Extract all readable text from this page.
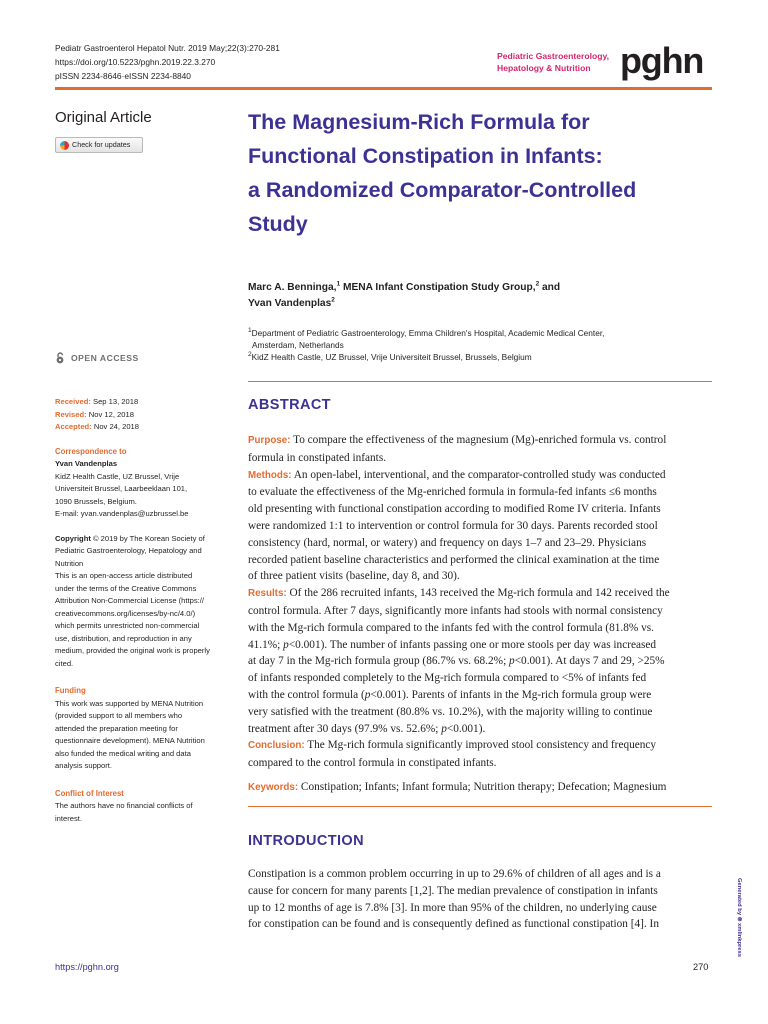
Pediatr Gastroenterol Hepatol Nutr. 2019 May;22(3):270-281
https://doi.org/10.5223/pghn.2019.22.3.270
pISSN 2234-8646·eISSN 2234-8840
Pediatric Gastroenterology,
Hepatology & Nutrition pghn
Original Article
Check for updates
The Magnesium-Rich Formula for
Functional Constipation in Infants:
a Randomized Comparator-Controlled
Study
Marc A. Benninga,$^1$ MENA Infant Constipation Study Group,$^2$ and
Yvan Vandenplas$^2$
$^1$Department of Pediatric Gastroenterology, Emma Children's Hospital, Academic Medical Center,
Amsterdam, Netherlands
$^2$KidZ Health Castle, UZ Brussel, Vrije Universiteit Brussel, Brussels, Belgium
OPEN ACCESS
Received: Sep 13, 2018
Revised: Nov 12, 2018
Accepted: Nov 24, 2018
Correspondence to
Yvan Vandenplas
KidZ Health Castle, UZ Brussel, Vrije
Universiteit Brussel, Laarbeeklaan 101,
1090 Brussels, Belgium.
E-mail: yvan.vandenplas@uzbrussel.be
Copyright © 2019 by The Korean Society of
Pediatric Gastroenterology, Hepatology and
Nutrition
This is an open-access article distributed
under the terms of the Creative Commons
Attribution Non-Commercial License (https://
creativecommons.org/licenses/by-nc/4.0/)
which permits unrestricted non-commercial
use, distribution, and reproduction in any
medium, provided the original work is properly
cited.
Funding
This work was supported by MENA Nutrition
(provided support to all members who
attended the preparation meeting for
questionnaire development). MENA Nutrition
also funded the medical writing and data
analysis support.
Conflict of Interest
The authors have no financial conflicts of
interest.
ABSTRACT
Purpose: To compare the effectiveness of the magnesium (Mg)-enriched formula vs. control
formula in constipated infants.
Methods: An open-label, interventional, and the comparator-controlled study was conducted
to evaluate the effectiveness of the Mg-enriched formula in formula-fed infants ≤6 months
old presenting with functional constipation according to modified Rome IV criteria. Infants
were randomized 1:1 to intervention or control formula for 30 days. Parents recorded stool
consistency (hard, normal, or watery) and frequency on days 1–7 and 23–29. Physicians
recorded patient baseline characteristics and performed the clinical examination at the time
of three patient visits (baseline, day 8, and 30).
Results: Of the 286 recruited infants, 143 received the Mg-rich formula and 142 received the
control formula. After 7 days, significantly more infants had stools with normal consistency
with the Mg-rich formula compared to the infants fed with the control formula (81.8% vs.
41.1%; p<0.001). The number of infants passing one or more stools per day was increased
at day 7 in the Mg-rich formula group (86.7% vs. 68.2%; p<0.001). At days 7 and 29, >25%
of infants responded completely to the Mg-rich formula compared to <5% of infants fed
with the control formula (p<0.001). Parents of infants in the Mg-rich formula group were
very satisfied with the treatment (80.8% vs. 10.2%), with the majority willing to continue
treatment after 30 days (97.9% vs. 52.6%; p<0.001).
Conclusion: The Mg-rich formula significantly improved stool consistency and frequency
compared to the control formula in constipated infants.
Keywords: Constipation; Infants; Infant formula; Nutrition therapy; Defecation; Magnesium
INTRODUCTION
Constipation is a common problem occurring in up to 29.6% of children of all ages and is a
cause for concern for many parents [1,2]. The median prevalence of constipation in infants
up to 12 months of age is 7.8% [3]. In more than 95% of the children, no underlying cause
for constipation can be found and is consequently defined as functional constipation [4]. In	Generated by ⊗ xmlinkpress
https://pghn.org	270
